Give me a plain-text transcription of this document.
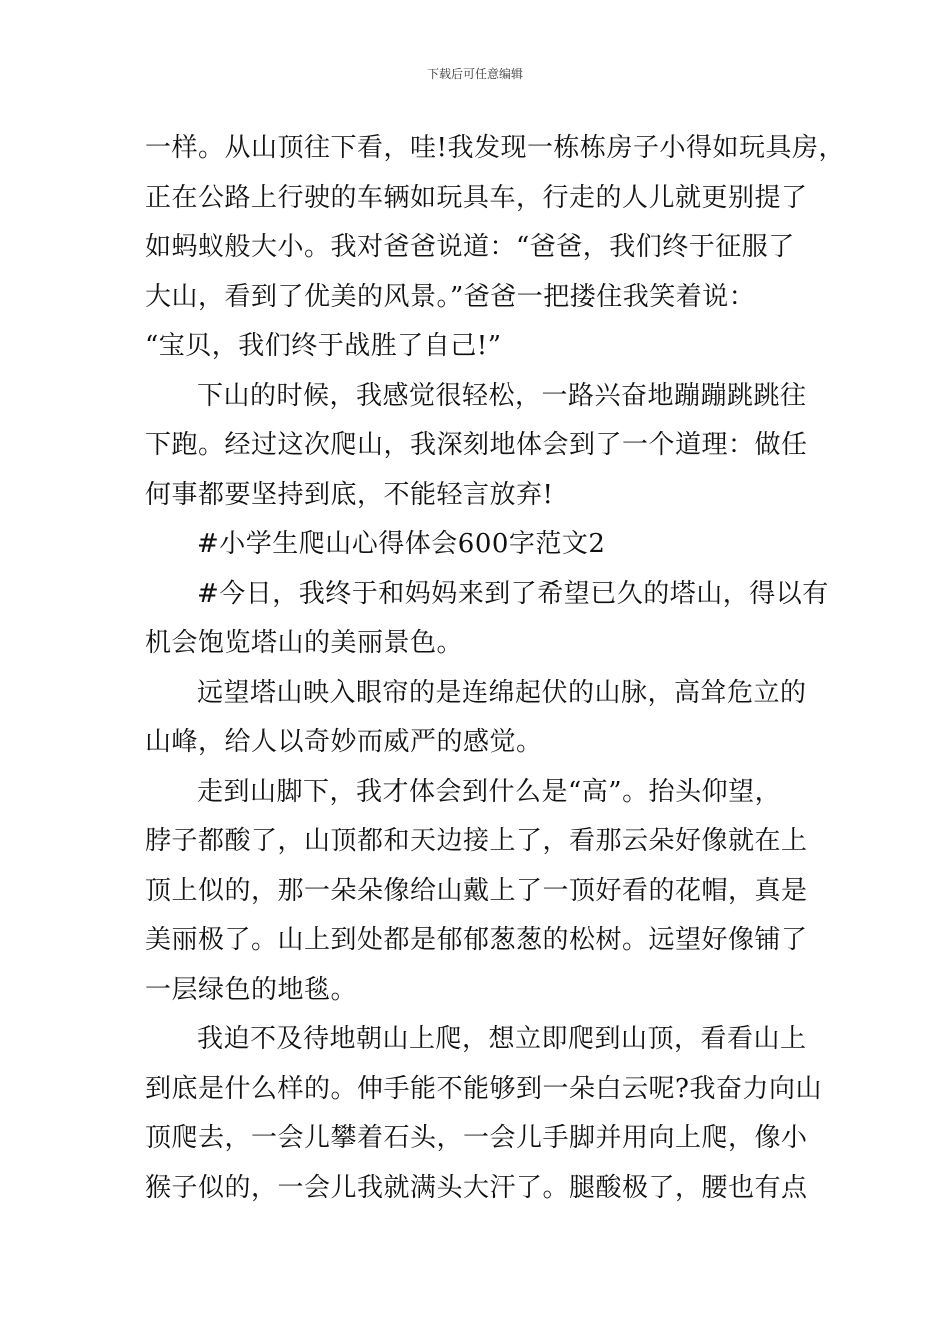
下载后可任意编辑
一样。从山顶往下看，哇!我发现一栋栋房子小得如玩具房，
正在公路上行驶的车辆如玩具车，行走的人儿就更别提了
如蚂蚁般大小。我对爸爸说道：“爸爸，我们终于征服了
大山，看到了优美的风景。”爸爸一把搂住我笑着说：
“宝贝，我们终于战胜了自己!”
下山的时候，我感觉很轻松，一路兴奋地蹦蹦跳跳往
下跑。经过这次爬山，我深刻地体会到了一个道理：做任
何事都要坚持到底，不能轻言放弃!
#小学生爬山心得体会600字范文2
#今日，我终于和妈妈来到了希望已久的塔山，得以有
机会饱览塔山的美丽景色。
远望塔山映入眼帘的是连绵起伏的山脉，高耸危立的
山峰，给人以奇妙而威严的感觉。
走到山脚下，我才体会到什么是“高”。抬头仰望，
脖子都酸了，山顶都和天边接上了，看那云朵好像就在上
顶上似的，那一朵朵像给山戴上了一顶好看的花帽，真是
美丽极了。山上到处都是郁郁葱葱的松树。远望好像铺了
一层绿色的地毯。
我迫不及待地朝山上爬，想立即爬到山顶，看看山上
到底是什么样的。伸手能不能够到一朵白云呢?我奋力向山
顶爬去，一会儿攀着石头，一会儿手脚并用向上爬，像小
猴子似的，一会儿我就满头大汗了。腿酸极了，腰也有点
